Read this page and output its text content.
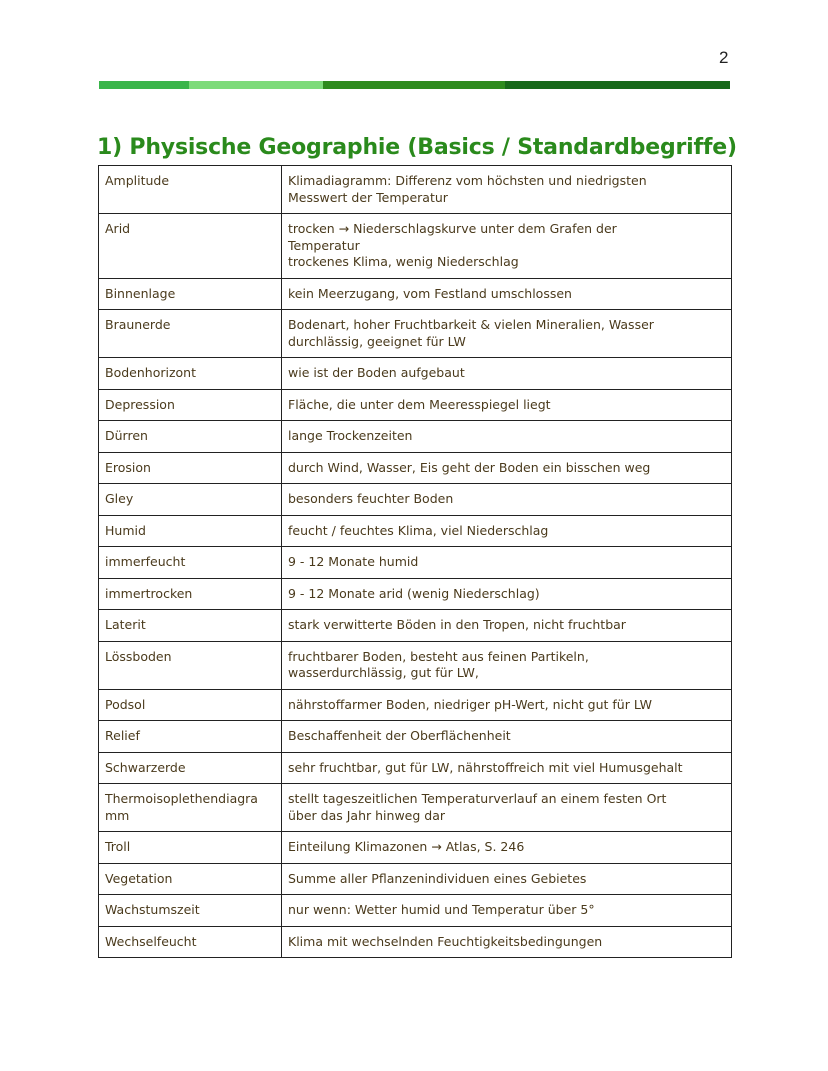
2
1) Physische Geographie (Basics / Standardbegriffe)
Amplitude	Klimadiagramm: Differenz vom höchsten und niedrigsten
Messwert der Temperatur

Arid	trocken → Niederschlagskurve unter dem Grafen der
Temperatur
trockenes Klima, wenig Niederschlag

Binnenlage	kein Meerzugang, vom Festland umschlossen

Braunerde	Bodenart, hoher Fruchtbarkeit & vielen Mineralien, Wasser
durchlässig, geeignet für LW

Bodenhorizont	wie ist der Boden aufgebaut

Depression	Fläche, die unter dem Meeresspiegel liegt

Dürren	lange Trockenzeiten

Erosion	durch Wind, Wasser, Eis geht der Boden ein bisschen weg

Gley	besonders feuchter Boden

Humid	feucht / feuchtes Klima, viel Niederschlag

immerfeucht	9 - 12 Monate humid

immertrocken	9 - 12 Monate arid (wenig Niederschlag)

Laterit	stark verwitterte Böden in den Tropen, nicht fruchtbar

Lössboden	fruchtbarer Boden, besteht aus feinen Partikeln,
wasserdurchlässig, gut für LW,

Podsol	nährstoffarmer Boden, niedriger pH-Wert, nicht gut für LW

Relief	Beschaffenheit der Oberflächenheit

Schwarzerde	sehr fruchtbar, gut für LW, nährstoffreich mit viel Humusgehalt

Thermoisoplethendiagra
mm	stellt tageszeitlichen Temperaturverlauf an einem festen Ort
über das Jahr hinweg dar

Troll	Einteilung Klimazonen → Atlas, S. 246

Vegetation	Summe aller Pflanzenindividuen eines Gebietes

Wachstumszeit	nur wenn: Wetter humid und Temperatur über 5°

Wechselfeucht	Klima mit wechselnden Feuchtigkeitsbedingungen
